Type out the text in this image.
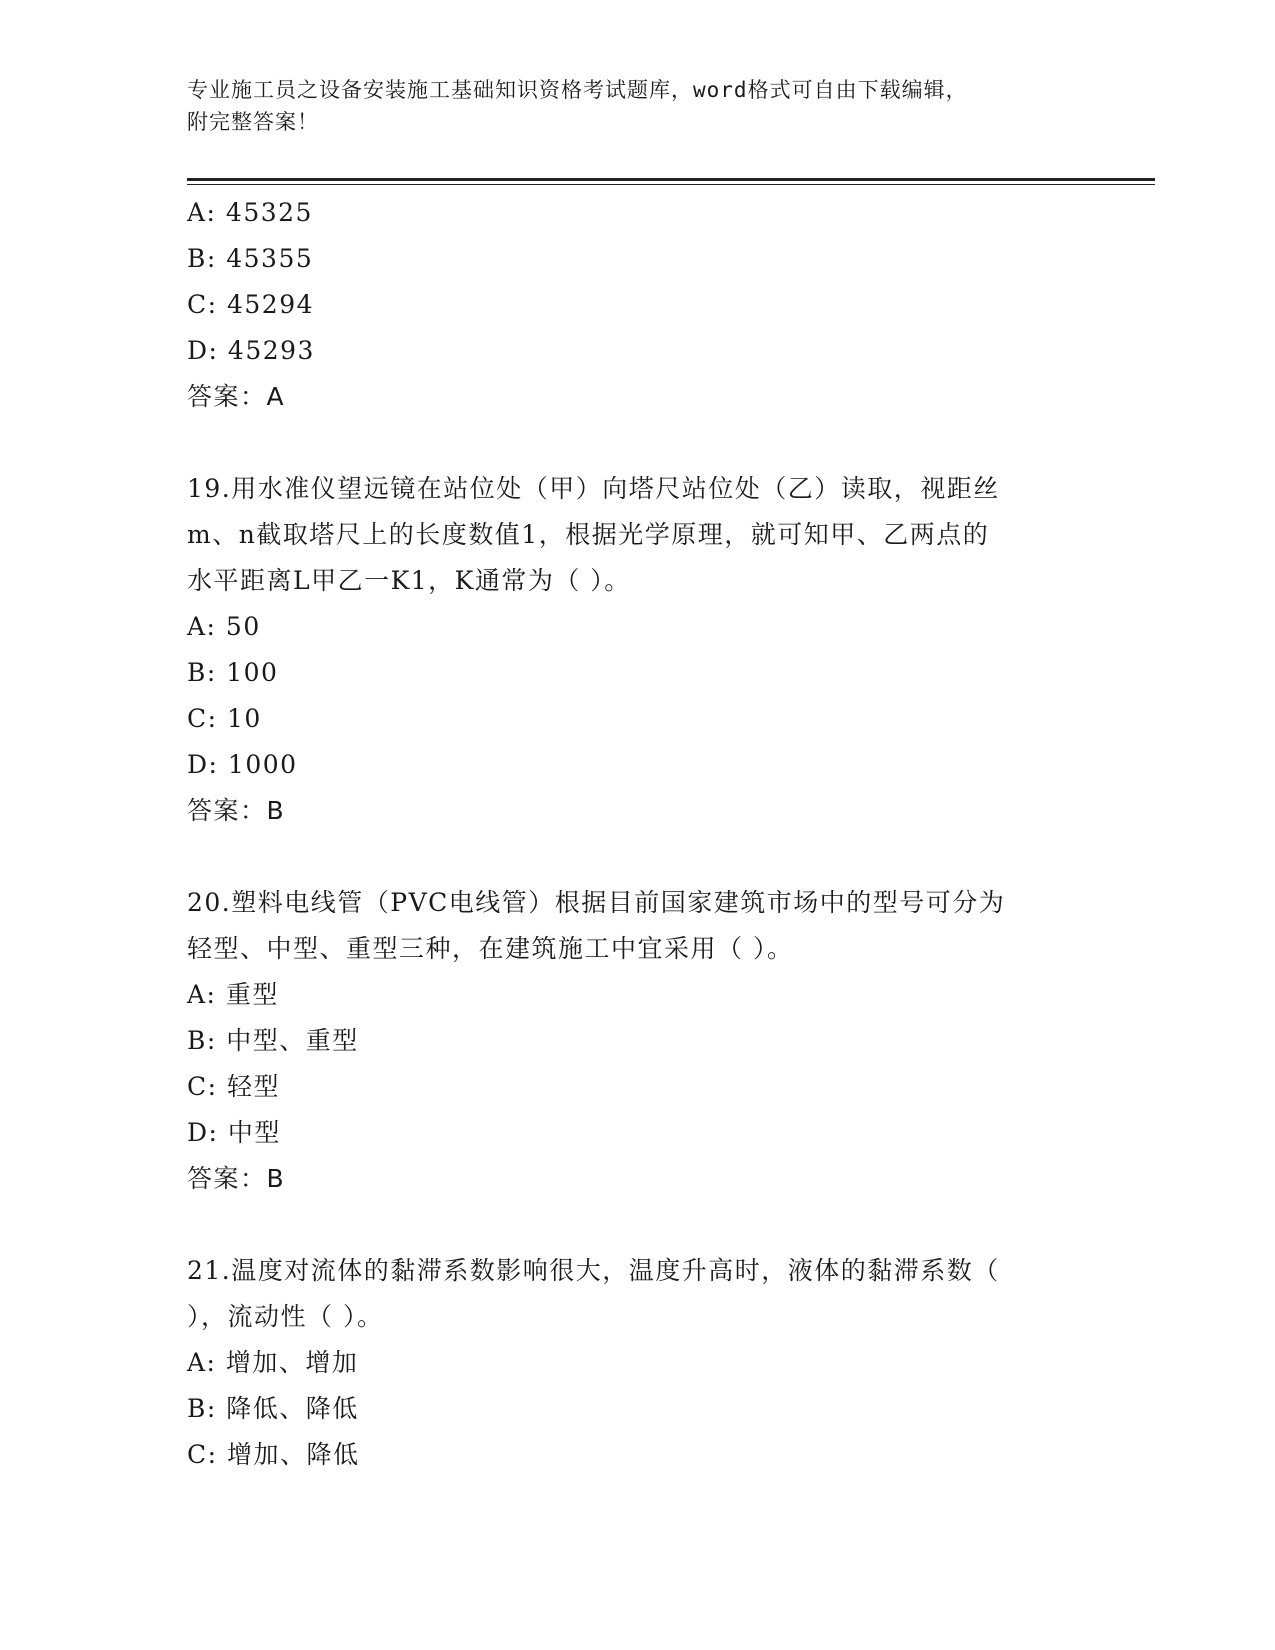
专业施工员之设备安装施工基础知识资格考试题库，word格式可自由下载编辑，
附完整答案！
A: 45325
B: 45355
C: 45294
D: 45293
答案：A
19.用水准仪望远镜在站位处（甲）向塔尺站位处（乙）读取，视距丝
m、n截取塔尺上的长度数值1，根据光学原理，就可知甲、乙两点的
水平距离L甲乙一K1，K通常为（ ）。
A: 50
B: 100
C: 10
D: 1000
答案：B
20.塑料电线管（PVC电线管）根据目前国家建筑市场中的型号可分为
轻型、中型、重型三种，在建筑施工中宜采用（ ）。
A: 重型
B: 中型、重型
C: 轻型
D: 中型
答案：B
21.温度对流体的黏滞系数影响很大，温度升高时，液体的黏滞系数（
），流动性（ ）。
A: 增加、增加
B: 降低、降低
C: 增加、降低
